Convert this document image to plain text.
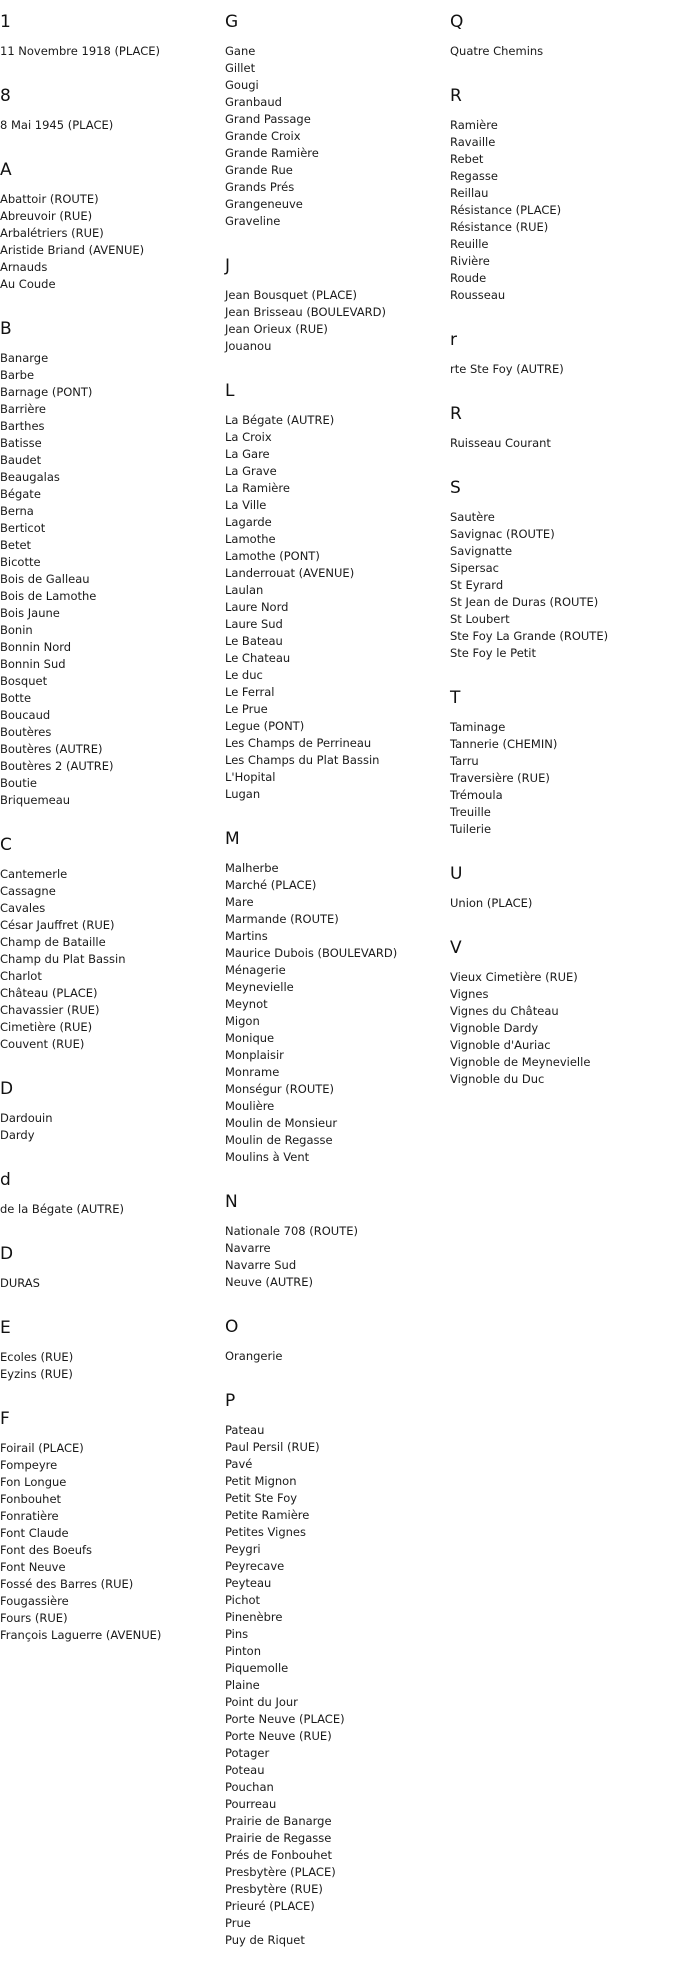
1
11 Novembre 1918 (PLACE)
8
8 Mai 1945 (PLACE)
A
Abattoir (ROUTE)
Abreuvoir (RUE)
Arbalétriers (RUE)
Aristide Briand (AVENUE)
Arnauds
Au Coude
B
Banarge
Barbe
Barnage (PONT)
Barrière
Barthes
Batisse
Baudet
Beaugalas
Bégate
Berna
Berticot
Betet
Bicotte
Bois de Galleau
Bois de Lamothe
Bois Jaune
Bonin
Bonnin Nord
Bonnin Sud
Bosquet
Botte
Boucaud
Boutères
Boutères (AUTRE)
Boutères 2 (AUTRE)
Boutie
Briquemeau
C
Cantemerle
Cassagne
Cavales
César Jauffret (RUE)
Champ de Bataille
Champ du Plat Bassin
Charlot
Château (PLACE)
Chavassier (RUE)
Cimetière (RUE)
Couvent (RUE)
D
Dardouin
Dardy
d
de la Bégate (AUTRE)
D
DURAS
E
Ecoles (RUE)
Eyzins (RUE)
F
Foirail (PLACE)
Fompeyre
Fon Longue
Fonbouhet
Fonratière
Font Claude
Font des Boeufs
Font Neuve
Fossé des Barres (RUE)
Fougassière
Fours (RUE)
François Laguerre (AVENUE)
G
Gane
Gillet
Gougi
Granbaud
Grand Passage
Grande Croix
Grande Ramière
Grande Rue
Grands Prés
Grangeneuve
Graveline
J
Jean Bousquet (PLACE)
Jean Brisseau (BOULEVARD)
Jean Orieux (RUE)
Jouanou
L
La Bégate (AUTRE)
La Croix
La Gare
La Grave
La Ramière
La Ville
Lagarde
Lamothe
Lamothe (PONT)
Landerrouat (AVENUE)
Laulan
Laure Nord
Laure Sud
Le Bateau
Le Chateau
Le duc
Le Ferral
Le Prue
Legue (PONT)
Les Champs de Perrineau
Les Champs du Plat Bassin
L'Hopital
Lugan
M
Malherbe
Marché (PLACE)
Mare
Marmande (ROUTE)
Martins
Maurice Dubois (BOULEVARD)
Ménagerie
Meynevielle
Meynot
Migon
Monique
Monplaisir
Monrame
Monségur (ROUTE)
Moulière
Moulin de Monsieur
Moulin de Regasse
Moulins à Vent
N
Nationale 708 (ROUTE)
Navarre
Navarre Sud
Neuve (AUTRE)
O
Orangerie
P
Pateau
Paul Persil (RUE)
Pavé
Petit Mignon
Petit Ste Foy
Petite Ramière
Petites Vignes
Peygri
Peyrecave
Peyteau
Pichot
Pinenèbre
Pins
Pinton
Piquemolle
Plaine
Point du Jour
Porte Neuve (PLACE)
Porte Neuve (RUE)
Potager
Poteau
Pouchan
Pourreau
Prairie de Banarge
Prairie de Regasse
Prés de Fonbouhet
Presbytère (PLACE)
Presbytère (RUE)
Prieuré (PLACE)
Prue
Puy de Riquet
Q
Quatre Chemins
R
Ramière
Ravaille
Rebet
Regasse
Reillau
Résistance (PLACE)
Résistance (RUE)
Reuille
Rivière
Roude
Rousseau
r
rte Ste Foy (AUTRE)
R
Ruisseau Courant
S
Sautère
Savignac (ROUTE)
Savignatte
Sipersac
St Eyrard
St Jean de Duras (ROUTE)
St Loubert
Ste Foy La Grande (ROUTE)
Ste Foy le Petit
T
Taminage
Tannerie (CHEMIN)
Tarru
Traversière (RUE)
Trémoula
Treuille
Tuilerie
U
Union (PLACE)
V
Vieux Cimetière (RUE)
Vignes
Vignes du Château
Vignoble Dardy
Vignoble d'Auriac
Vignoble de Meynevielle
Vignoble du Duc
